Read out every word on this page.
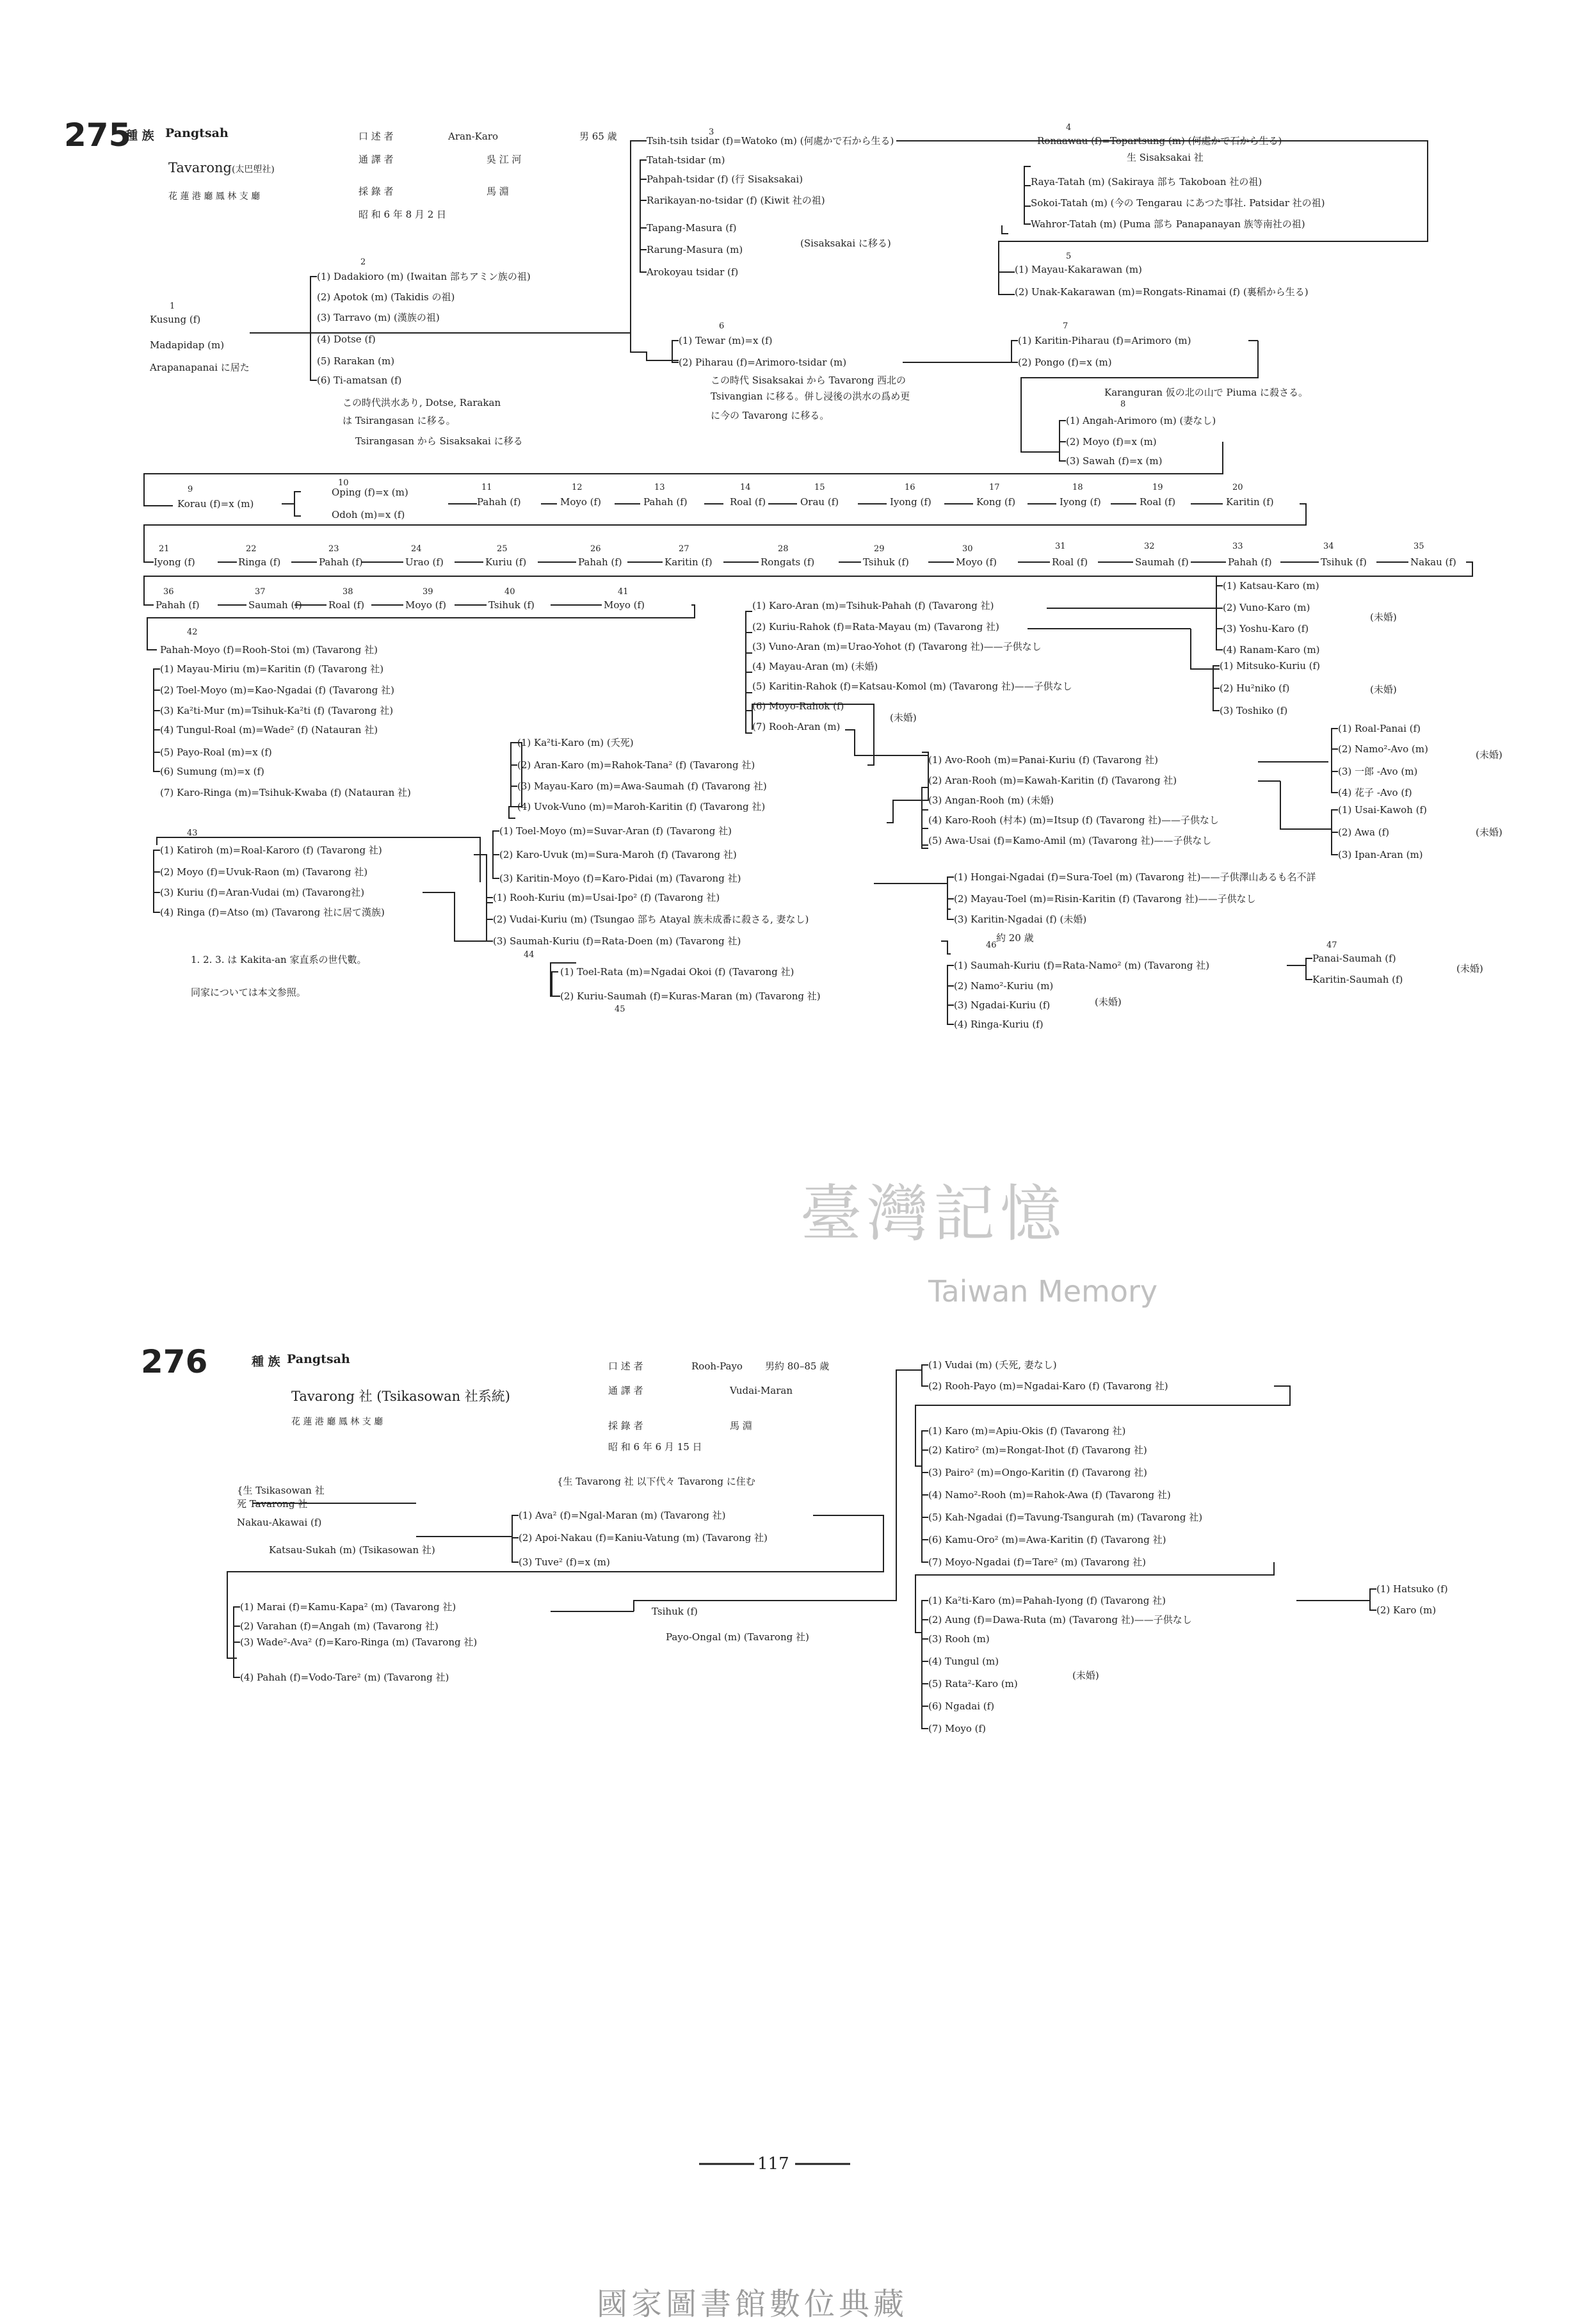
275
種 族 Pangtsah
Tavarong(太巴塱社)
花 蓮 港 廳 鳳 林 支 廳
口 述 者	Aran-Karo	男 65 歳
通 譯 者	吳 江 河
採 錄 者	馬 淵
昭 和 6 年 8 月 2 日
1
2
3	4
5
6	7
8
9
10	11	12	13	14	15	16	17	18	19	20
21	22	23	24	25	26	27	28	29	30	31	32	33	34	35
36	37	38	39	40	41
42
43
44
45
46	47
Tsih-tsih tsidar (f)=Watoko (m) (何處かで石から生る)	Ronaawau (f)=Topartsung (m) (何處かで石から生る)
生 Sisaksakai 社
Tatah-tsidar (m)
Pahpah-tsidar (f) (行 Sisaksakai)
Rarikayan-no-tsidar (f) (Kiwit 社の祖)
Tapang-Masura (f)
Rarung-Masura (m)
(Sisaksakai に移る)
Arokoyau tsidar (f)
Raya-Tatah (m) (Sakiraya 部ち Takoboan 社の祖)
Sokoi-Tatah (m) (今の Tengarau にあつた事社. Patsidar 社の祖)
Wahror-Tatah (m) (Puma 部ち Panapanayan 族等南社の祖)
(1) Mayau-Kakarawan (m)
(2) Unak-Kakarawan (m)=Rongats-Rinamai (f) (裏稻から生る)
Kusung (f)
Madapidap (m)
Arapanapanai に居た
(1) Dadakioro (m) (Iwaitan 部ちアミン族の祖)
(2) Apotok (m) (Takidis の祖)
(3) Tarravo (m) (漢族の祖)
(4) Dotse (f)
(5) Rarakan (m)
(6) Ti-amatsan (f)
この時代洪水あり, Dotse, Rarakan
は Tsirangasan に移る。
Tsirangasan から Sisaksakai に移る
(1) Tewar (m)=x (f)
(2) Piharau (f)=Arimoro-tsidar (m)
この時代 Sisaksakai から Tavarong 西北の
Tsivangian に移る。併し浸後の洪水の爲め更
に今の Tavarong に移る。
(1) Karitin-Piharau (f)=Arimoro (m)
(2) Pongo (f)=x (m)
Karanguran 仮の北の山で Piuma に殺さる。
(1) Angah-Arimoro (m) (妻なし)
(2) Moyo (f)=x (m)
(3) Sawah (f)=x (m)
Korau (f)=x (m)
Oping (f)=x (m)
Odoh (m)=x (f)
Pahah (f)	Moyo (f)	Pahah (f)	Roal (f)	Orau (f)	Iyong (f)	Kong (f)	Iyong (f)	Roal (f)	Karitin (f)
Iyong (f)	Ringa (f)	Pahah (f)	Urao (f)	Kuriu (f)	Pahah (f)	Karitin (f)	Rongats (f)	Tsihuk (f)	Moyo (f)	Roal (f)	Saumah (f)	Pahah (f)	Tsihuk (f)	Nakau (f)
Pahah (f)	Saumah (f)	Roal (f)	Moyo (f)	Tsihuk (f)	Moyo (f)
Pahah-Moyo (f)=Rooh-Stoi (m) (Tavarong 社)
(1) Mayau-Miriu (m)=Karitin (f) (Tavarong 社)
(2) Toel-Moyo (m)=Kao-Ngadai (f) (Tavarong 社)
(3) Ka²ti-Mur (m)=Tsihuk-Ka²ti (f) (Tavarong 社)
(4) Tungul-Roal (m)=Wade² (f) (Natauran 社)
(5) Payo-Roal (m)=x (f)
(6) Sumung (m)=x (f)
(7) Karo-Ringa (m)=Tsihuk-Kwaba (f) (Natauran 社)
(1) Ka²ti-Karo (m) (夭死)
(2) Aran-Karo (m)=Rahok-Tana² (f) (Tavarong 社)
(3) Mayau-Karo (m)=Awa-Saumah (f) (Tavarong 社)
(4) Uvok-Vuno (m)=Maroh-Karitin (f) (Tavarong 社)
(1) Karo-Aran (m)=Tsihuk-Pahah (f) (Tavarong 社)
(2) Kuriu-Rahok (f)=Rata-Mayau (m) (Tavarong 社)
(3) Vuno-Aran (m)=Urao-Yohot (f) (Tavarong 社)——子供なし
(4) Mayau-Aran (m) (未婚)
(5) Karitin-Rahok (f)=Katsau-Komol (m) (Tavarong 社)——子供なし
(6) Moyo-Rahok (f)
(7) Rooh-Aran (m)
(未婚)
(1) Katsau-Karo (m)
(2) Vuno-Karo (m)
(3) Yoshu-Karo (f)
(4) Ranam-Karo (m)
(未婚)
(1) Mitsuko-Kuriu (f)
(2) Hu²niko (f)
(3) Toshiko (f)
(未婚)
(1) Avo-Rooh (m)=Panai-Kuriu (f) (Tavarong 社)
(2) Aran-Rooh (m)=Kawah-Karitin (f) (Tavarong 社)
(3) Angan-Rooh (m) (未婚)
(4) Karo-Rooh (村本) (m)=Itsup (f) (Tavarong 社)——子供なし
(5) Awa-Usai (f)=Kamo-Amil (m) (Tavarong 社)——子供なし
(1) Roal-Panai (f)
(2) Namo²-Avo (m)
(3) 一郎 -Avo (m)
(4) 花子 -Avo (f)
(未婚)
(1) Usai-Kawoh (f)
(2) Awa (f)
(3) Ipan-Aran (m)
(未婚)
(1) Katiroh (m)=Roal-Karoro (f) (Tavarong 社)
(2) Moyo (f)=Uvuk-Raon (m) (Tavarong 社)
(3) Kuriu (f)=Aran-Vudai (m) (Tavarong社)
(4) Ringa (f)=Atso (m) (Tavarong 社に居て漢族)
(1) Toel-Moyo (m)=Suvar-Aran (f) (Tavarong 社)
(2) Karo-Uvuk (m)=Sura-Maroh (f) (Tavarong 社)
(3) Karitin-Moyo (f)=Karo-Pidai (m) (Tavarong 社)
(1) Rooh-Kuriu (m)=Usai-Ipo² (f) (Tavarong 社)
(2) Vudai-Kuriu (m) (Tsungao 部ち Atayal 族未成番に殺さる, 妻なし)
(3) Saumah-Kuriu (f)=Rata-Doen (m) (Tavarong 社)
(1) Hongai-Ngadai (f)=Sura-Toel (m) (Tavarong 社)——子供澤山あるも名不詳
(2) Mayau-Toel (m)=Risin-Karitin (f) (Tavarong 社)——子供なし
(3) Karitin-Ngadai (f) (未婚)
(1) Toel-Rata (m)=Ngadai Okoi (f) (Tavarong 社)
(2) Kuriu-Saumah (f)=Kuras-Maran (m) (Tavarong 社)
約 20 歳
(1) Saumah-Kuriu (f)=Rata-Namo² (m) (Tavarong 社)
(2) Namo²-Kuriu (m)
(3) Ngadai-Kuriu (f)
(4) Ringa-Kuriu (f)
(未婚)
Panai-Saumah (f)
Karitin-Saumah (f)
(未婚)
1. 2. 3. は Kakita-an 家直系の世代數。
同家については本文参照。
臺灣記憶
Taiwan Memory
276	種 族 Pangtsah
Tavarong 社 (Tsikasowan 社系統)
花 蓮 港 廳 鳳 林 支 廳
口 述 者	Rooh-Payo 男約 80–85 歳
通 譯 者	Vudai-Maran
採 錄 者	馬 淵
昭 和 6 年 6 月 15 日
{生 Tsikasowan 社
死 Tavarong 社
Nakau-Akawai (f)
Katsau-Sukah (m) (Tsikasowan 社)
{生 Tavarong 社 以下代々 Tavarong に住む
(1) Ava² (f)=Ngal-Maran (m) (Tavarong 社)
(2) Apoi-Nakau (f)=Kaniu-Vatung (m) (Tavarong 社)
(3) Tuve² (f)=x (m)
(1) Marai (f)=Kamu-Kapa² (m) (Tavarong 社)
(2) Varahan (f)=Angah (m) (Tavarong 社)
(3) Wade²-Ava² (f)=Karo-Ringa (m) (Tavarong 社)
(4) Pahah (f)=Vodo-Tare² (m) (Tavarong 社)
Tsihuk (f)
Payo-Ongal (m) (Tavarong 社)
(1) Vudai (m) (夭死, 妻なし)
(2) Rooh-Payo (m)=Ngadai-Karo (f) (Tavarong 社)
(1) Karo (m)=Apiu-Okis (f) (Tavarong 社)
(2) Katiro² (m)=Rongat-Ihot (f) (Tavarong 社)
(3) Pairo² (m)=Ongo-Karitin (f) (Tavarong 社)
(4) Namo²-Rooh (m)=Rahok-Awa (f) (Tavarong 社)
(5) Kah-Ngadai (f)=Tavung-Tsangurah (m) (Tavarong 社)
(6) Kamu-Oro² (m)=Awa-Karitin (f) (Tavarong 社)
(7) Moyo-Ngadai (f)=Tare² (m) (Tavarong 社)
(1) Ka²ti-Karo (m)=Pahah-Iyong (f) (Tavarong 社)
(2) Aung (f)=Dawa-Ruta (m) (Tavarong 社)——子供なし
(3) Rooh (m)
(4) Tungul (m)
(5) Rata²-Karo (m)
(6) Ngadai (f)
(7) Moyo (f)
(未婚)
(1) Hatsuko (f)
(2) Karo (m)
117
國家圖書館數位典藏
